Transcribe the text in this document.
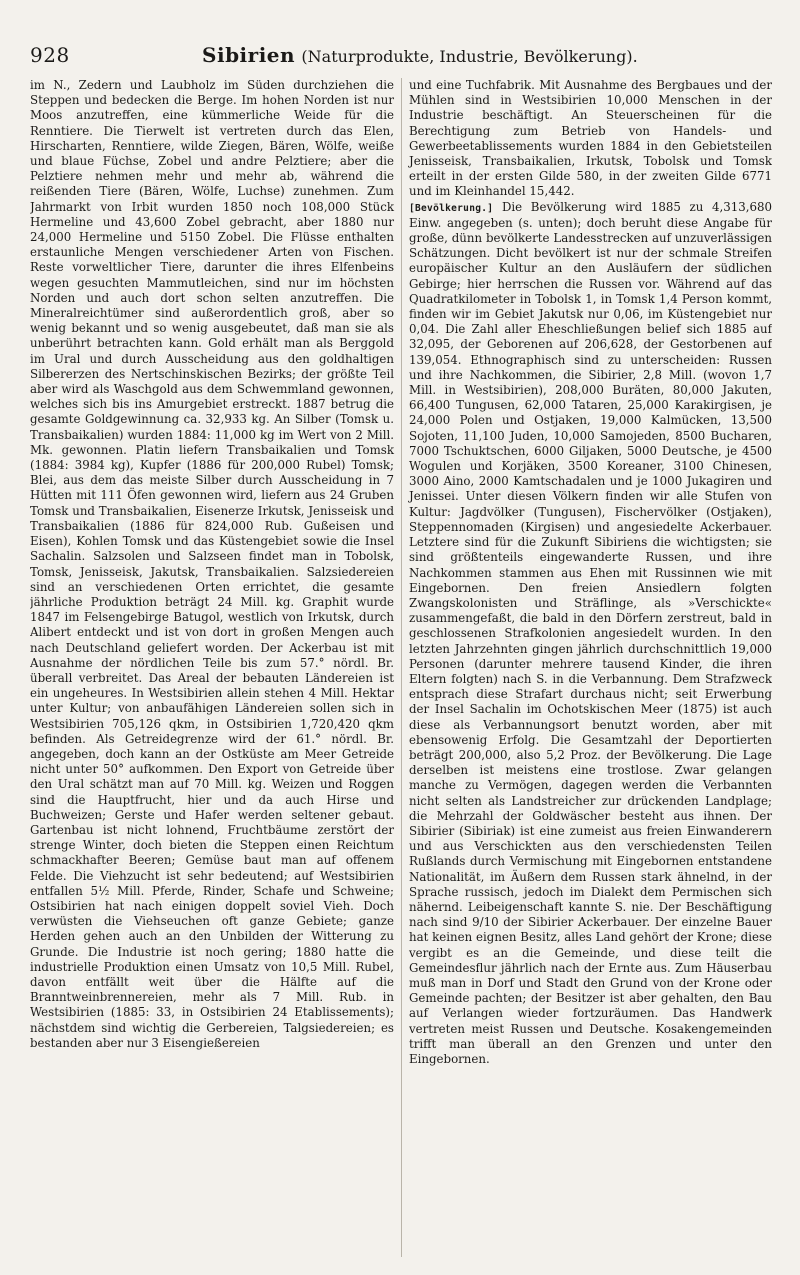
928	Sibirien (Naturprodukte, Industrie, Bevölkerung).

im N., Zedern und Laubholz im Süden durchziehen die Steppen und bedecken die Berge. Im hohen Norden ist nur Moos anzutreffen, eine kümmerliche Weide für die Renntiere. Die Tierwelt ist vertreten durch das Elen, Hirscharten, Renntiere, wilde Ziegen, Bären, Wölfe, weiße und blaue Füchse, Zobel und andre Pelztiere; aber die Pelztiere nehmen mehr und mehr ab, während die reißenden Tiere (Bären, Wölfe, Luchse) zunehmen. Zum Jahrmarkt von Irbit wurden 1850 noch 108,000 Stück Hermeline und 43,600 Zobel gebracht, aber 1880 nur 24,000 Hermeline und 5150 Zobel. Die Flüsse enthalten erstaunliche Mengen verschiedener Arten von Fischen. Reste vorweltlicher Tiere, darunter die ihres Elfenbeins wegen gesuchten Mammutleichen, sind nur im höchsten Norden und auch dort schon selten anzutreffen. Die Mineralreichtümer sind außerordentlich groß, aber so wenig bekannt und so wenig ausgebeutet, daß man sie als unberührt betrachten kann. Gold erhält man als Berggold im Ural und durch Ausscheidung aus den goldhaltigen Silbererzen des Nertschinskischen Bezirks; der größte Teil aber wird als Waschgold aus dem Schwemmland gewonnen, welches sich bis ins Amurgebiet erstreckt. 1887 betrug die gesamte Goldgewinnung ca. 32,933 kg. An Silber (Tomsk u. Transbaikalien) wurden 1884: 11,000 kg im Wert von 2 Mill. Mk. gewonnen. Platin liefern Transbaikalien und Tomsk (1884: 3984 kg), Kupfer (1886 für 200,000 Rubel) Tomsk; Blei, aus dem das meiste Silber durch Ausscheidung in 7 Hütten mit 111 Öfen gewonnen wird, liefern aus 24 Gruben Tomsk und Transbaikalien, Eisenerze Irkutsk, Jenisseisk und Transbaikalien (1886 für 824,000 Rub. Gußeisen und Eisen), Kohlen Tomsk und das Küstengebiet sowie die Insel Sachalin. Salzsolen und Salzseen findet man in Tobolsk, Tomsk, Jenisseisk, Jakutsk, Transbaikalien. Salzsiedereien sind an verschiedenen Orten errichtet, die gesamte jährliche Produktion beträgt 24 Mill. kg. Graphit wurde 1847 im Felsengebirge Batugol, westlich von Irkutsk, durch Alibert entdeckt und ist von dort in großen Mengen auch nach Deutschland geliefert worden. Der Ackerbau ist mit Ausnahme der nördlichen Teile bis zum 57.° nördl. Br. überall verbreitet. Das Areal der bebauten Ländereien ist ein ungeheures. In Westsibirien allein stehen 4 Mill. Hektar unter Kultur; von anbaufähigen Ländereien sollen sich in Westsibirien 705,126 qkm, in Ostsibirien 1,720,420 qkm befinden. Als Getreidegrenze wird der 61.° nördl. Br. angegeben, doch kann an der Ostküste am Meer Getreide nicht unter 50° aufkommen. Den Export von Getreide über den Ural schätzt man auf 70 Mill. kg. Weizen und Roggen sind die Hauptfrucht, hier und da auch Hirse und Buchweizen; Gerste und Hafer werden seltener gebaut. Gartenbau ist nicht lohnend, Fruchtbäume zerstört der strenge Winter, doch bieten die Steppen einen Reichtum schmackhafter Beeren; Gemüse baut man auf offenem Felde. Die Viehzucht ist sehr bedeutend; auf Westsibirien entfallen 5½ Mill. Pferde, Rinder, Schafe und Schweine; Ostsibirien hat nach einigen doppelt soviel Vieh. Doch verwüsten die Viehseuchen oft ganze Gebiete; ganze Herden gehen auch an den Unbilden der Witterung zu Grunde. Die Industrie ist noch gering; 1880 hatte die industrielle Produktion einen Umsatz von 10,5 Mill. Rubel, davon entfällt weit über die Hälfte auf die Branntweinbrennereien, mehr als 7 Mill. Rub. in Westsibirien (1885: 33, in Ostsibirien 24 Etablissements); nächstdem sind wichtig die Gerbereien, Talgsiedereien; es bestanden aber nur 3 Eisengießereien

und eine Tuchfabrik. Mit Ausnahme des Bergbaues und der Mühlen sind in Westsibirien 10,000 Menschen in der Industrie beschäftigt. An Steuerscheinen für die Berechtigung zum Betrieb von Handels- und Gewerbeetablissements wurden 1884 in den Gebietsteilen Jenisseisk, Transbaikalien, Irkutsk, Tobolsk und Tomsk erteilt in der ersten Gilde 580, in der zweiten Gilde 6771 und im Kleinhandel 15,442.

[Bevölkerung.] Die Bevölkerung wird 1885 zu 4,313,680 Einw. angegeben (s. unten); doch beruht diese Angabe für große, dünn bevölkerte Landesstrecken auf unzuverlässigen Schätzungen. Dicht bevölkert ist nur der schmale Streifen europäischer Kultur an den Ausläufern der südlichen Gebirge; hier herrschen die Russen vor. Während auf das Quadratkilometer in Tobolsk 1, in Tomsk 1,4 Person kommt, finden wir im Gebiet Jakutsk nur 0,06, im Küstengebiet nur 0,04. Die Zahl aller Eheschließungen belief sich 1885 auf 32,095, der Geborenen auf 206,628, der Gestorbenen auf 139,054. Ethnographisch sind zu unterscheiden: Russen und ihre Nachkommen, die Sibirier, 2,8 Mill. (wovon 1,7 Mill. in Westsibirien), 208,000 Buräten, 80,000 Jakuten, 66,400 Tungusen, 62,000 Tataren, 25,000 Karakirgisen, je 24,000 Polen und Ostjaken, 19,000 Kalmücken, 13,500 Sojoten, 11,100 Juden, 10,000 Samojeden, 8500 Bucharen, 7000 Tschuktschen, 6000 Giljaken, 5000 Deutsche, je 4500 Wogulen und Korjäken, 3500 Koreaner, 3100 Chinesen, 3000 Aino, 2000 Kamtschadalen und je 1000 Jukagiren und Jenissei. Unter diesen Völkern finden wir alle Stufen von Kultur: Jagdvölker (Tungusen), Fischervölker (Ostjaken), Steppennomaden (Kirgisen) und angesiedelte Ackerbauer. Letztere sind für die Zukunft Sibiriens die wichtigsten; sie sind größtenteils eingewanderte Russen, und ihre Nachkommen stammen aus Ehen mit Russinnen wie mit Eingebornen. Den freien Ansiedlern folgten Zwangskolonisten und Sträflinge, als »Verschickte« zusammengefaßt, die bald in den Dörfern zerstreut, bald in geschlossenen Strafkolonien angesiedelt wurden. In den letzten Jahrzehnten gingen jährlich durchschnittlich 19,000 Personen (darunter mehrere tausend Kinder, die ihren Eltern folgten) nach S. in die Verbannung. Dem Strafzweck entsprach diese Strafart durchaus nicht; seit Erwerbung der Insel Sachalin im Ochotskischen Meer (1875) ist auch diese als Verbannungsort benutzt worden, aber mit ebensowenig Erfolg. Die Gesamtzahl der Deportierten beträgt 200,000, also 5,2 Proz. der Bevölkerung. Die Lage derselben ist meistens eine trostlose. Zwar gelangen manche zu Vermögen, dagegen werden die Verbannten nicht selten als Landstreicher zur drückenden Landplage; die Mehrzahl der Goldwäscher besteht aus ihnen. Der Sibirier (Sibiriak) ist eine zumeist aus freien Einwanderern und aus Verschickten aus den verschiedensten Teilen Rußlands durch Vermischung mit Eingebornen entstandene Nationalität, im Äußern dem Russen stark ähnelnd, in der Sprache russisch, jedoch im Dialekt dem Permischen sich nähernd. Leibeigenschaft kannte S. nie. Der Beschäftigung nach sind 9/10 der Sibirier Ackerbauer. Der einzelne Bauer hat keinen eignen Besitz, alles Land gehört der Krone; diese vergibt es an die Gemeinde, und diese teilt die Gemeindesflur jährlich nach der Ernte aus. Zum Häuserbau muß man in Dorf und Stadt den Grund von der Krone oder Gemeinde pachten; der Besitzer ist aber gehalten, den Bau auf Verlangen wieder fortzuräumen. Das Handwerk vertreten meist Russen und Deutsche. Kosakengemeinden trifft man überall an den Grenzen und unter den Eingebornen.
